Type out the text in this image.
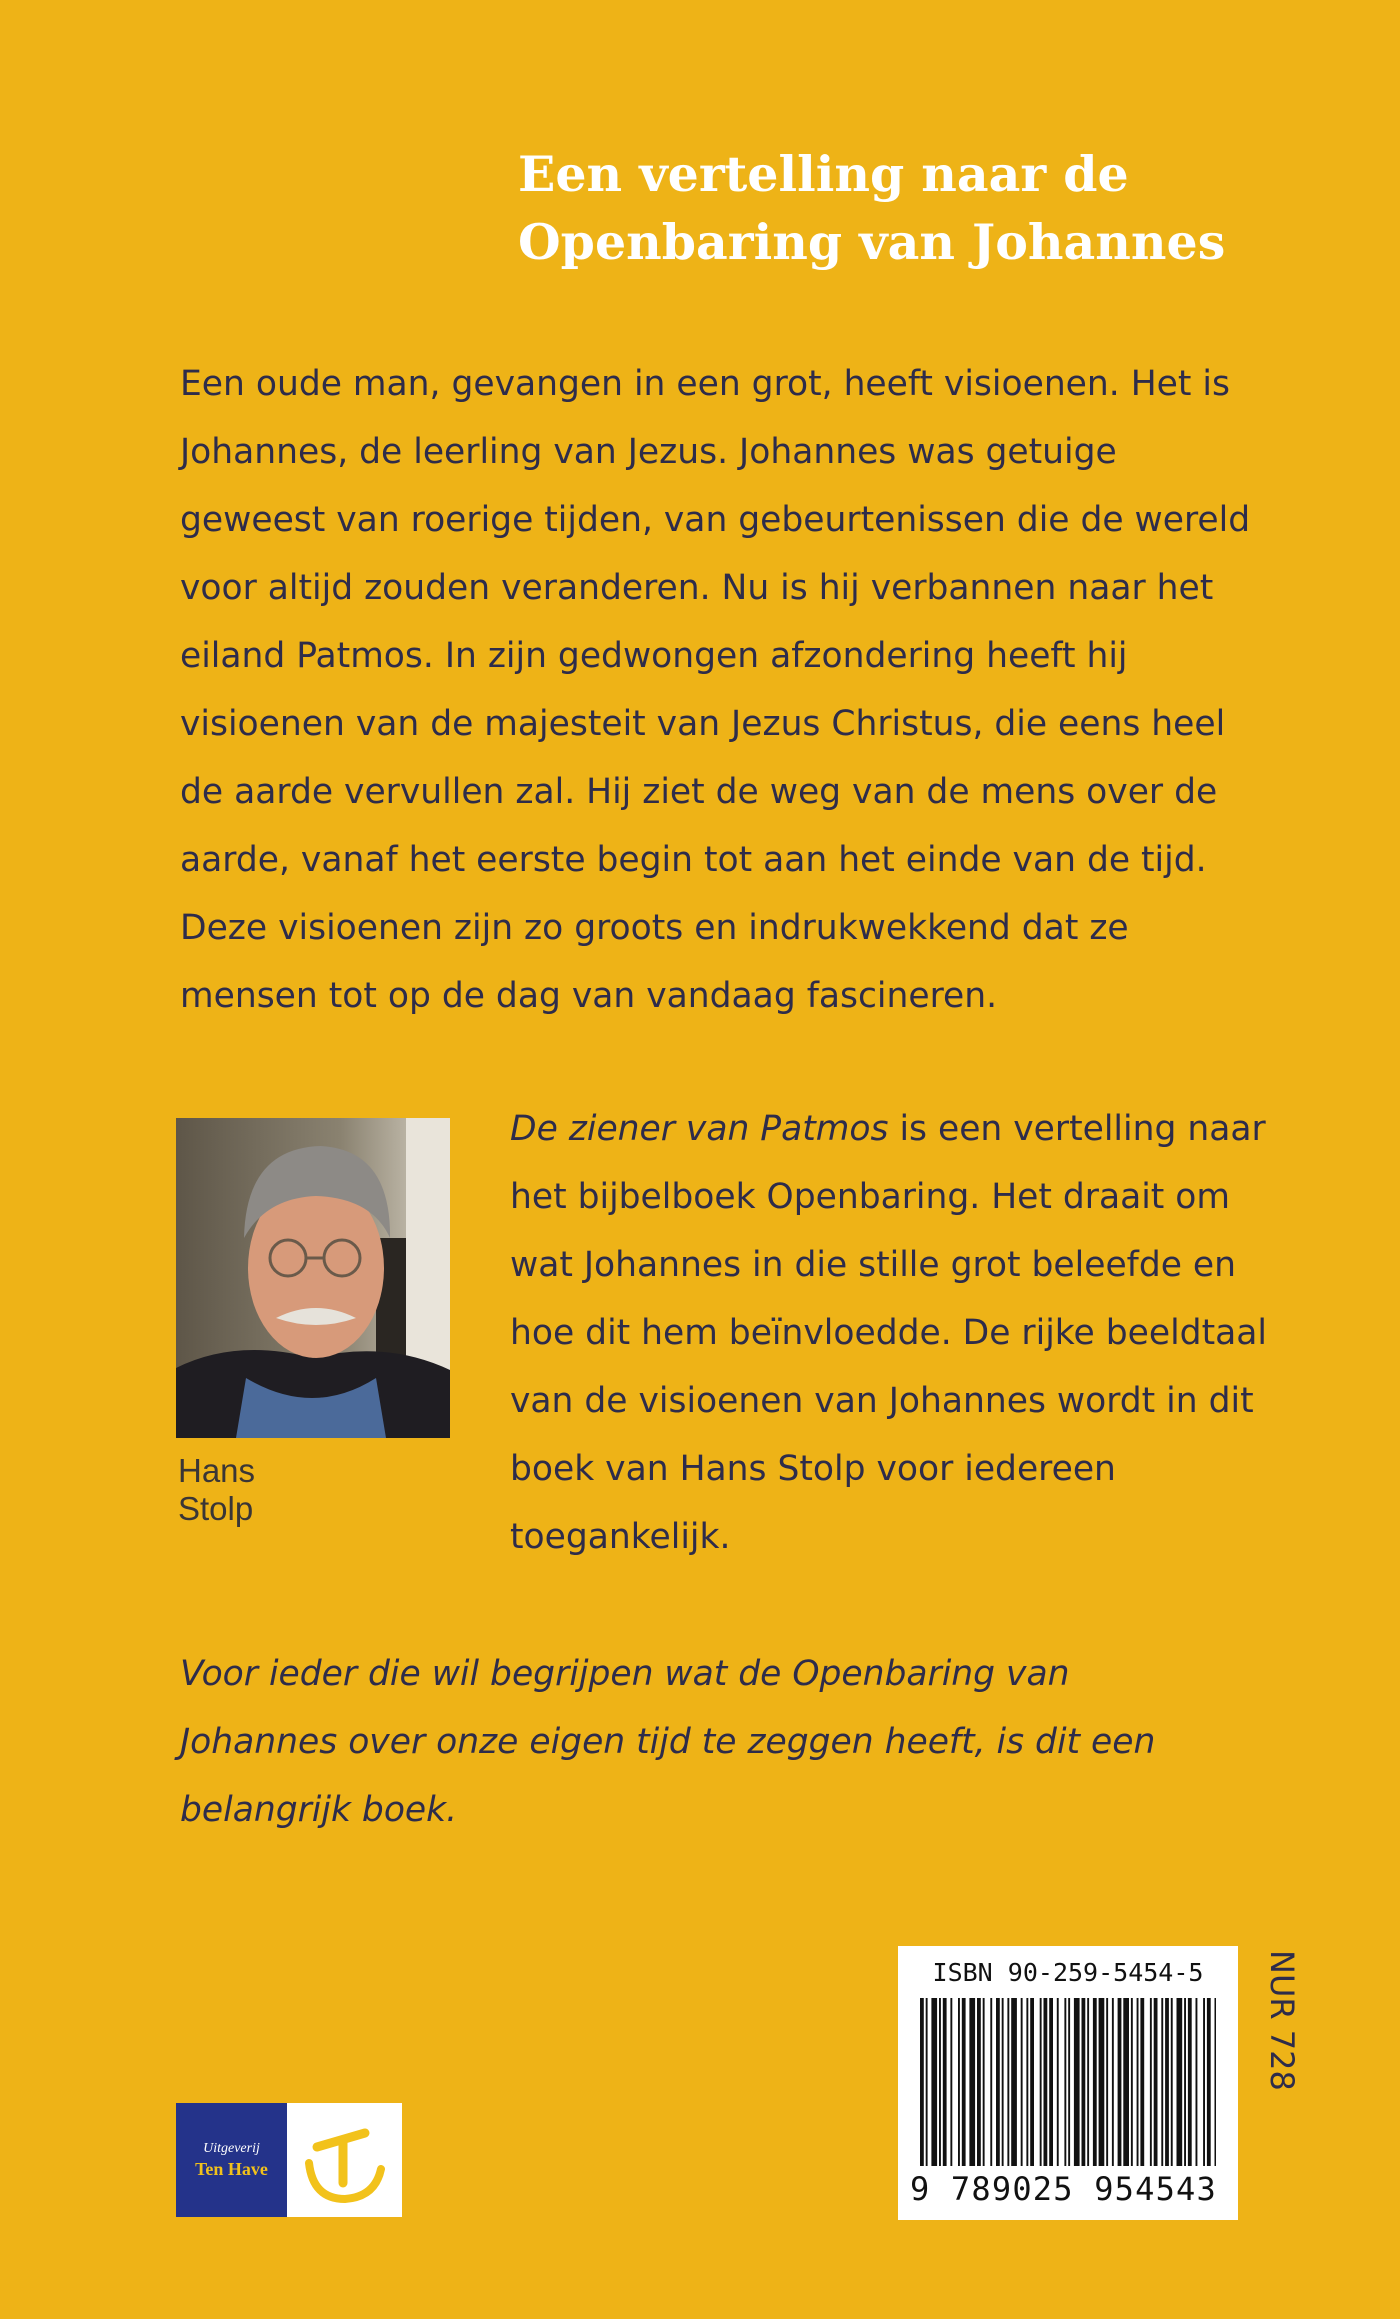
Een vertelling naar de
Openbaring van Johannes

Een oude man, gevangen in een grot, heeft visioenen. Het is Johannes, de leerling van Jezus. Johannes was getuige geweest van roerige tijden, van gebeurtenissen die de wereld voor altijd zouden veranderen. Nu is hij verbannen naar het eiland Patmos. In zijn gedwongen afzondering heeft hij visioenen van de majesteit van Jezus Christus, die eens heel de aarde vervullen zal. Hij ziet de weg van de mens over de aarde, vanaf het eerste begin tot aan het einde van de tijd. Deze visioenen zijn zo groots en indrukwekkend dat ze mensen tot op de dag van vandaag fascineren.

Hans
Stolp

De ziener van Patmos is een vertelling naar het bijbelboek Openbaring. Het draait om wat Johannes in die stille grot beleefde en hoe dit hem beïnvloedde. De rijke beeldtaal van de visioenen van Johannes wordt in dit boek van Hans Stolp voor iedereen toegankelijk.

Voor ieder die wil begrijpen wat de Openbaring van Johannes over onze eigen tijd te zeggen heeft, is dit een belangrijk boek.

ISBN 90-259-5454-5
9 789025 954543
NUR 728
Uitgeverij
Ten Have
